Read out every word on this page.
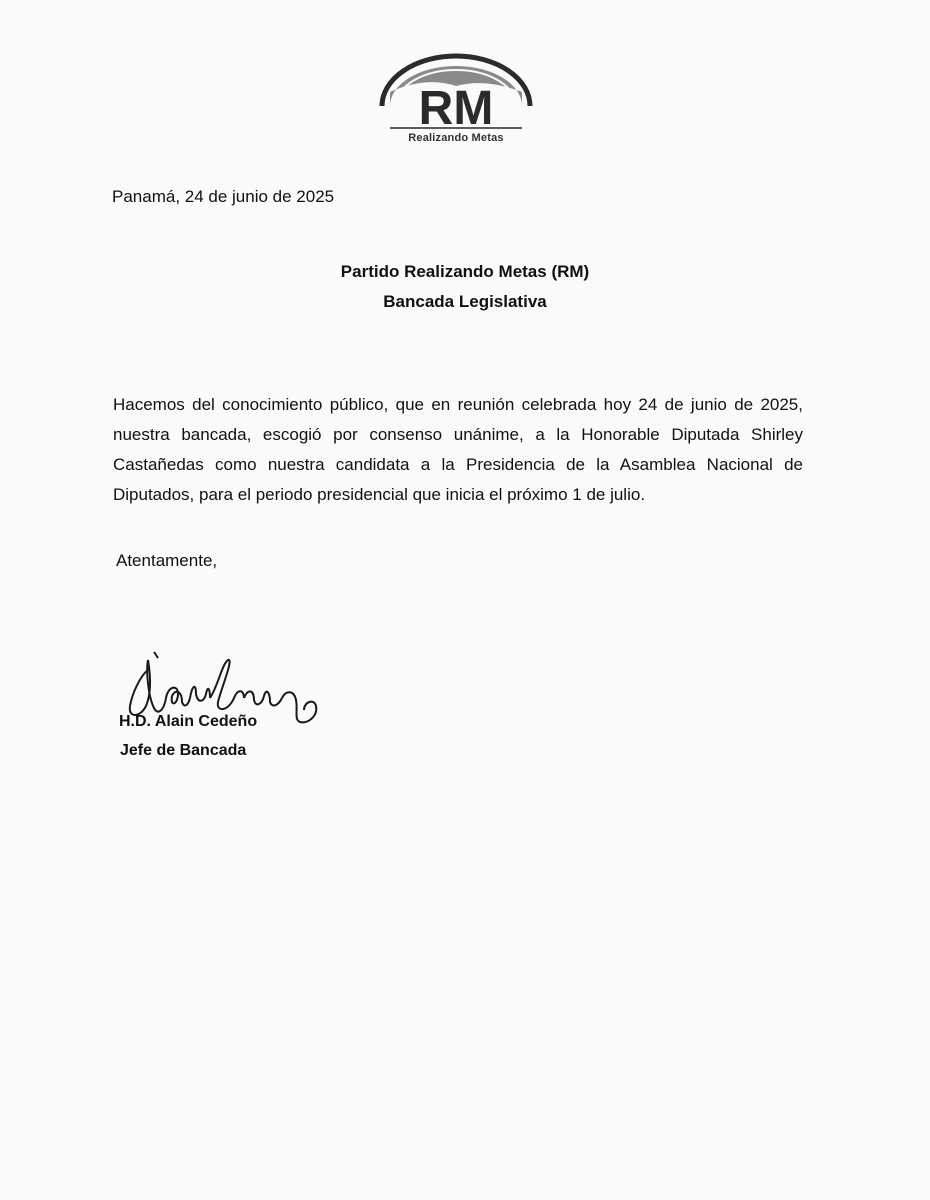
RM
Realizando Metas
Panamá, 24 de junio de 2025
Partido Realizando Metas (RM)
Bancada Legislativa
Hacemos del conocimiento público, que en reunión celebrada hoy 24 de junio de 2025, nuestra bancada, escogió por consenso unánime, a la Honorable Diputada Shirley Castañedas como nuestra candidata a la Presidencia de la Asamblea Nacional de Diputados, para el periodo presidencial que inicia el próximo 1 de julio.
Atentamente,
H.D. Alain Cedeño
Jefe de Bancada
